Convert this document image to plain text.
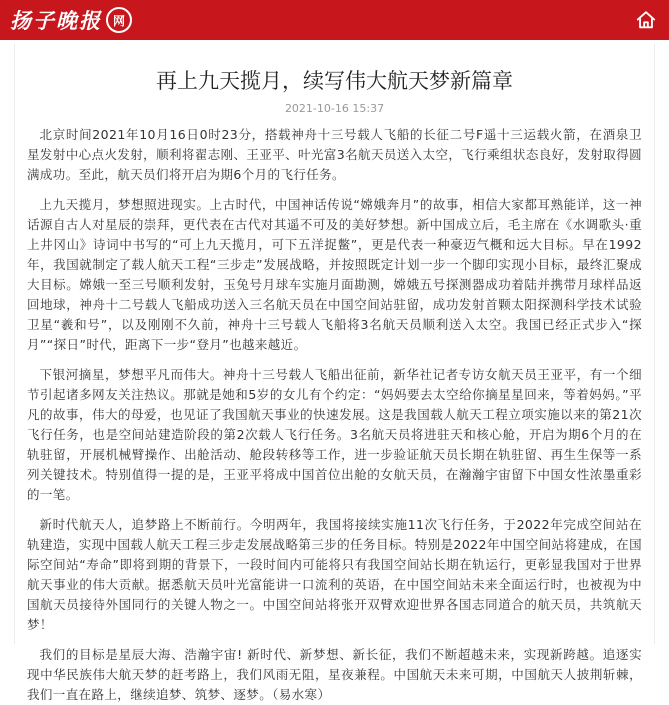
扬子晚报 网
再上九天揽月，续写伟大航天梦新篇章
2021-10-16 15:37

北京时间2021年10月16日0时23分，搭载神舟十三号载人飞船的长征二号F遥十三运载火箭，在酒泉卫星发射中心点火发射，顺利将翟志刚、王亚平、叶光富3名航天员送入太空，飞行乘组状态良好，发射取得圆满成功。至此，航天员们将开启为期6个月的飞行任务。

上九天揽月，梦想照进现实。上古时代，中国神话传说“嫦娥奔月”的故事，相信大家都耳熟能详，这一神话源自古人对星辰的崇拜，更代表在古代对其遥不可及的美好梦想。新中国成立后，毛主席在《水调歌头·重上井冈山》诗词中书写的“可上九天揽月，可下五洋捉鳖”，更是代表一种豪迈气概和远大目标。早在1992年，我国就制定了载人航天工程“三步走”发展战略，并按照既定计划一步一个脚印实现小目标，最终汇聚成大目标。嫦娥一至三号顺利发射，玉兔号月球车实施月面勘测，嫦娥五号探测器成功着陆并携带月球样品返回地球，神舟十二号载人飞船成功送入三名航天员在中国空间站驻留，成功发射首颗太阳探测科学技术试验卫星“羲和号”，以及刚刚不久前，神舟十三号载人飞船将3名航天员顺利送入太空。我国已经正式步入“探月”“探日”时代，距离下一步“登月”也越来越近。

下银河摘星，梦想平凡而伟大。神舟十三号载人飞船出征前，新华社记者专访女航天员王亚平，有一个细节引起诸多网友关注热议。那就是她和5岁的女儿有个约定：“妈妈要去太空给你摘星星回来，等着妈妈。”平凡的故事，伟大的母爱，也见证了我国航天事业的快速发展。这是我国载人航天工程立项实施以来的第21次飞行任务，也是空间站建造阶段的第2次载人飞行任务。3名航天员将进驻天和核心舱，开启为期6个月的在轨驻留，开展机械臂操作、出舱活动、舱段转移等工作，进一步验证航天员长期在轨驻留、再生生保等一系列关键技术。特别值得一提的是，王亚平将成中国首位出舱的女航天员，在瀚瀚宇宙留下中国女性浓墨重彩的一笔。

新时代航天人，追梦路上不断前行。今明两年，我国将接续实施11次飞行任务，于2022年完成空间站在轨建造，实现中国载人航天工程三步走发展战略第三步的任务目标。特别是2022年中国空间站将建成，在国际空间站“寿命”即将到期的背景下，一段时间内可能将只有我国空间站长期在轨运行，更彰显我国对于世界航天事业的伟大贡献。据悉航天员叶光富能讲一口流利的英语，在中国空间站未来全面运行时，也被视为中国航天员接待外国同行的关键人物之一。中国空间站将张开双臂欢迎世界各国志同道合的航天员，共筑航天梦！

我们的目标是星辰大海、浩瀚宇宙! 新时代、新梦想、新长征，我们不断超越未来，实现新跨越。追逐实现中华民族伟大航天梦的赶考路上，我们风雨无阻，星夜兼程。中国航天未来可期，中国航天人披荆斩棘，我们一直在路上，继续追梦、筑梦、逐梦。（易水寒）
